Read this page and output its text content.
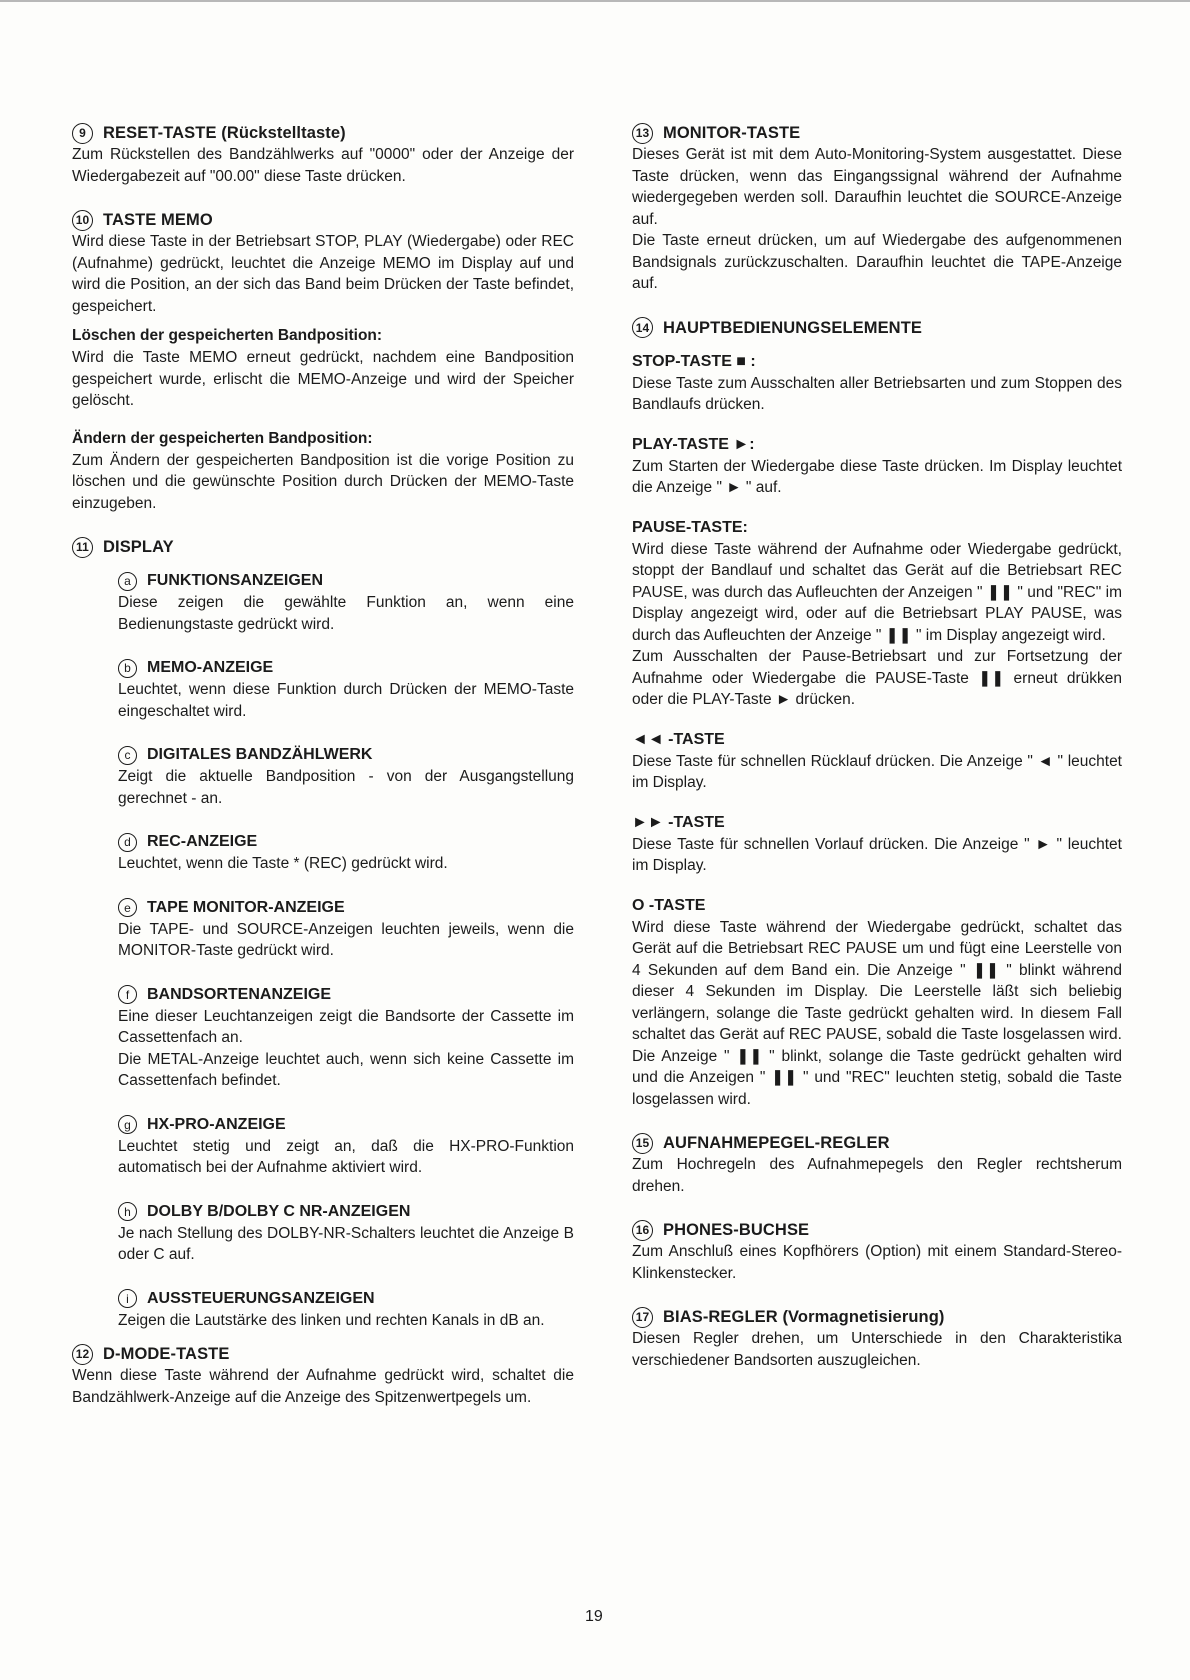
9	RESET-TASTE (Rückstelltaste)

Zum Rückstellen des Bandzählwerks auf "0000" oder der Anzeige der Wiedergabezeit auf "00.00" diese Taste drücken.

10 TASTE MEMO

Wird diese Taste in der Betriebsart STOP, PLAY (Wiedergabe) oder REC (Aufnahme) gedrückt, leuchtet die Anzeige MEMO im Display auf und wird die Position, an der sich das Band beim Drücken der Taste befindet, gespeichert.

Löschen der gespeicherten Bandposition:

Wird die Taste MEMO erneut gedrückt, nachdem eine Bandposition gespeichert wurde, erlischt die MEMO-Anzeige und wird der Speicher gelöscht.

Ändern der gespeicherten Bandposition:

Zum Ändern der gespeicherten Bandposition ist die vorige Position zu löschen und die gewünschte Position durch Drücken der MEMO-Taste einzugeben.

11 DISPLAY
a	FUNKTIONSANZEIGEN

Diese zeigen die gewählte Funktion an, wenn eine Bedienungstaste gedrückt wird.

b	MEMO-ANZEIGE

Leuchtet, wenn diese Funktion durch Drücken der MEMO-Taste eingeschaltet wird.

c	DIGITALES BANDZÄHLWERK

Zeigt die aktuelle Bandposition - von der Ausgangstellung gerechnet - an.

d	REC-ANZEIGE

Leuchtet, wenn die Taste * (REC) gedrückt wird.

e	TAPE MONITOR-ANZEIGE

Die TAPE- und SOURCE-Anzeigen leuchten jeweils, wenn die MONITOR-Taste gedrückt wird.

f	BANDSORTENANZEIGE

Eine dieser Leuchtanzeigen zeigt die Bandsorte der Cassette im Cassettenfach an.

Die METAL-Anzeige leuchtet auch, wenn sich keine Cassette im Cassettenfach befindet.

g	HX-PRO-ANZEIGE

Leuchtet stetig und zeigt an, daß die HX-PRO-Funktion automatisch bei der Aufnahme aktiviert wird.

h	DOLBY B/DOLBY C NR-ANZEIGEN

Je nach Stellung des DOLBY-NR-Schalters leuchtet die Anzeige B oder C auf.

i	AUSSTEUERUNGSANZEIGEN

Zeigen die Lautstärke des linken und rechten Kanals in dB an.

12 D-MODE-TASTE

Wenn diese Taste während der Aufnahme gedrückt wird, schaltet die Bandzählwerk-Anzeige auf die Anzeige des Spitzenwertpegels um.

13 MONITOR-TASTE

Dieses Gerät ist mit dem Auto-Monitoring-System ausgestattet. Diese Taste drücken, wenn das Eingangssignal während der Aufnahme wiedergegeben werden soll. Daraufhin leuchtet die SOURCE-Anzeige auf.

Die Taste erneut drücken, um auf Wiedergabe des aufgenommenen Bandsignals zurückzuschalten. Daraufhin leuchtet die TAPE-Anzeige auf.

14 HAUPTBEDIENUNGSELEMENTE
STOP-TASTE ■ :

Diese Taste zum Ausschalten aller Betriebsarten und zum Stoppen des Bandlaufs drücken.

PLAY-TASTE ►:

Zum Starten der Wiedergabe diese Taste drücken. Im Display leuchtet die Anzeige " ► " auf.

PAUSE-TASTE:

Wird diese Taste während der Aufnahme oder Wiedergabe gedrückt, stoppt der Bandlauf und schaltet das Gerät auf die Betriebsart REC PAUSE, was durch das Aufleuchten der Anzeigen " ❚❚ " und "REC" im Display angezeigt wird, oder auf die Betriebsart PLAY PAUSE, was durch das Aufleuchten der Anzeige " ❚❚ " im Display angezeigt wird.

Zum Ausschalten der Pause-Betriebsart und zur Fortsetzung der Aufnahme oder Wiedergabe die PAUSE-Taste ❚❚ erneut drükken oder die PLAY-Taste ► drücken.

◄◄ -TASTE

Diese Taste für schnellen Rücklauf drücken. Die Anzeige " ◄ " leuchtet im Display.

►► -TASTE

Diese Taste für schnellen Vorlauf drücken. Die Anzeige " ► " leuchtet im Display.

O -TASTE

Wird diese Taste während der Wiedergabe gedrückt, schaltet das Gerät auf die Betriebsart REC PAUSE um und fügt eine Leerstelle von 4 Sekunden auf dem Band ein. Die Anzeige " ❚❚ " blinkt während dieser 4 Sekunden im Display. Die Leerstelle läßt sich beliebig verlängern, solange die Taste gedrückt gehalten wird. In diesem Fall schaltet das Gerät auf REC PAUSE, sobald die Taste losgelassen wird. Die Anzeige " ❚❚ " blinkt, solange die Taste gedrückt gehalten wird und die Anzeigen " ❚❚ " und "REC" leuchten stetig, sobald die Taste losgelassen wird.

15 AUFNAHMEPEGEL-REGLER

Zum Hochregeln des Aufnahmepegels den Regler rechtsherum drehen.

16 PHONES-BUCHSE

Zum Anschluß eines Kopfhörers (Option) mit einem Standard-Stereo-Klinkenstecker.

17 BIAS-REGLER (Vormagnetisierung)

Diesen Regler drehen, um Unterschiede in den Charakteristika verschiedener Bandsorten auszugleichen.

19
